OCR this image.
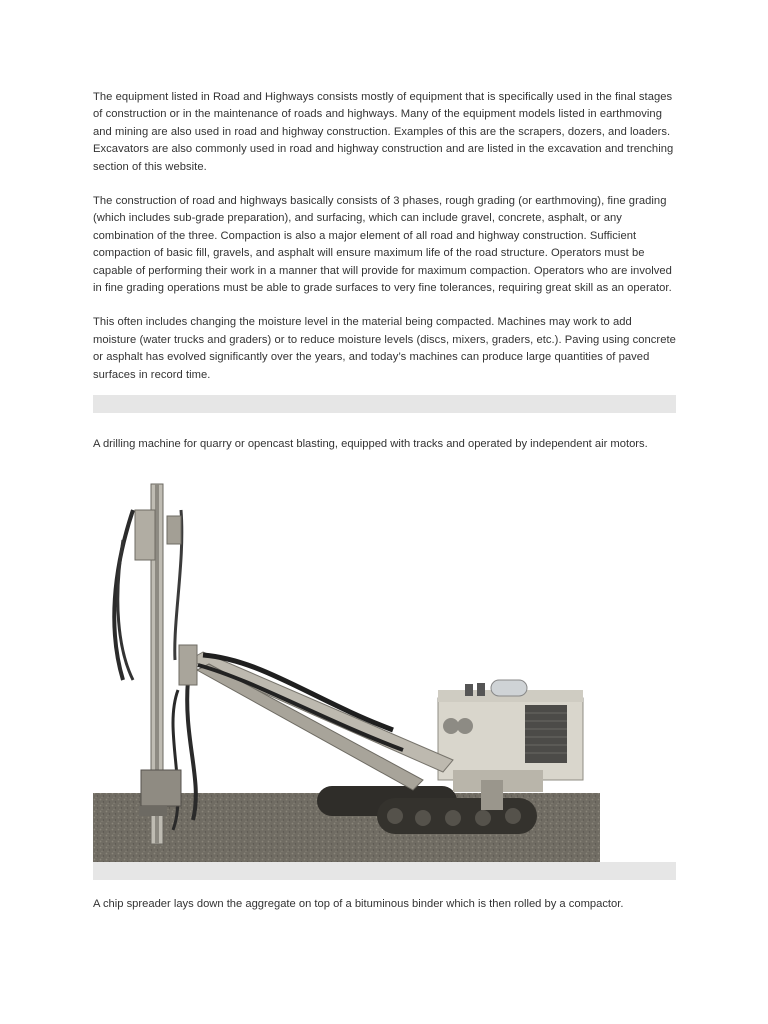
The equipment listed in Road and Highways consists mostly of equipment that is specifically used in the final stages of construction or in the maintenance of roads and highways. Many of the equipment models listed in earthmoving and mining are also used in road and highway construction. Examples of this are the scrapers, dozers, and loaders. Excavators are also commonly used in road and highway construction and are listed in the excavation and trenching section of this website.

The construction of road and highways basically consists of 3 phases, rough grading (or earthmoving), fine grading (which includes sub-grade preparation), and surfacing, which can include gravel, concrete, asphalt, or any combination of the three. Compaction is also a major element of all road and highway construction. Sufficient compaction of basic fill, gravels, and asphalt will ensure maximum life of the road structure. Operators must be capable of performing their work in a manner that will provide for maximum compaction. Operators who are involved in fine grading operations must be able to grade surfaces to very fine tolerances, requiring great skill as an operator.

This often includes changing the moisture level in the material being compacted. Machines may work to add moisture (water trucks and graders) or to reduce moisture levels (discs, mixers, graders, etc.). Paving using concrete or asphalt has evolved significantly over the years, and today’s machines can produce large quantities of paved surfaces in record time.

A drilling machine for quarry or opencast blasting, equipped with tracks and operated by independent air motors.

A chip spreader lays down the aggregate on top of a bituminous binder which is then rolled by a compactor.
